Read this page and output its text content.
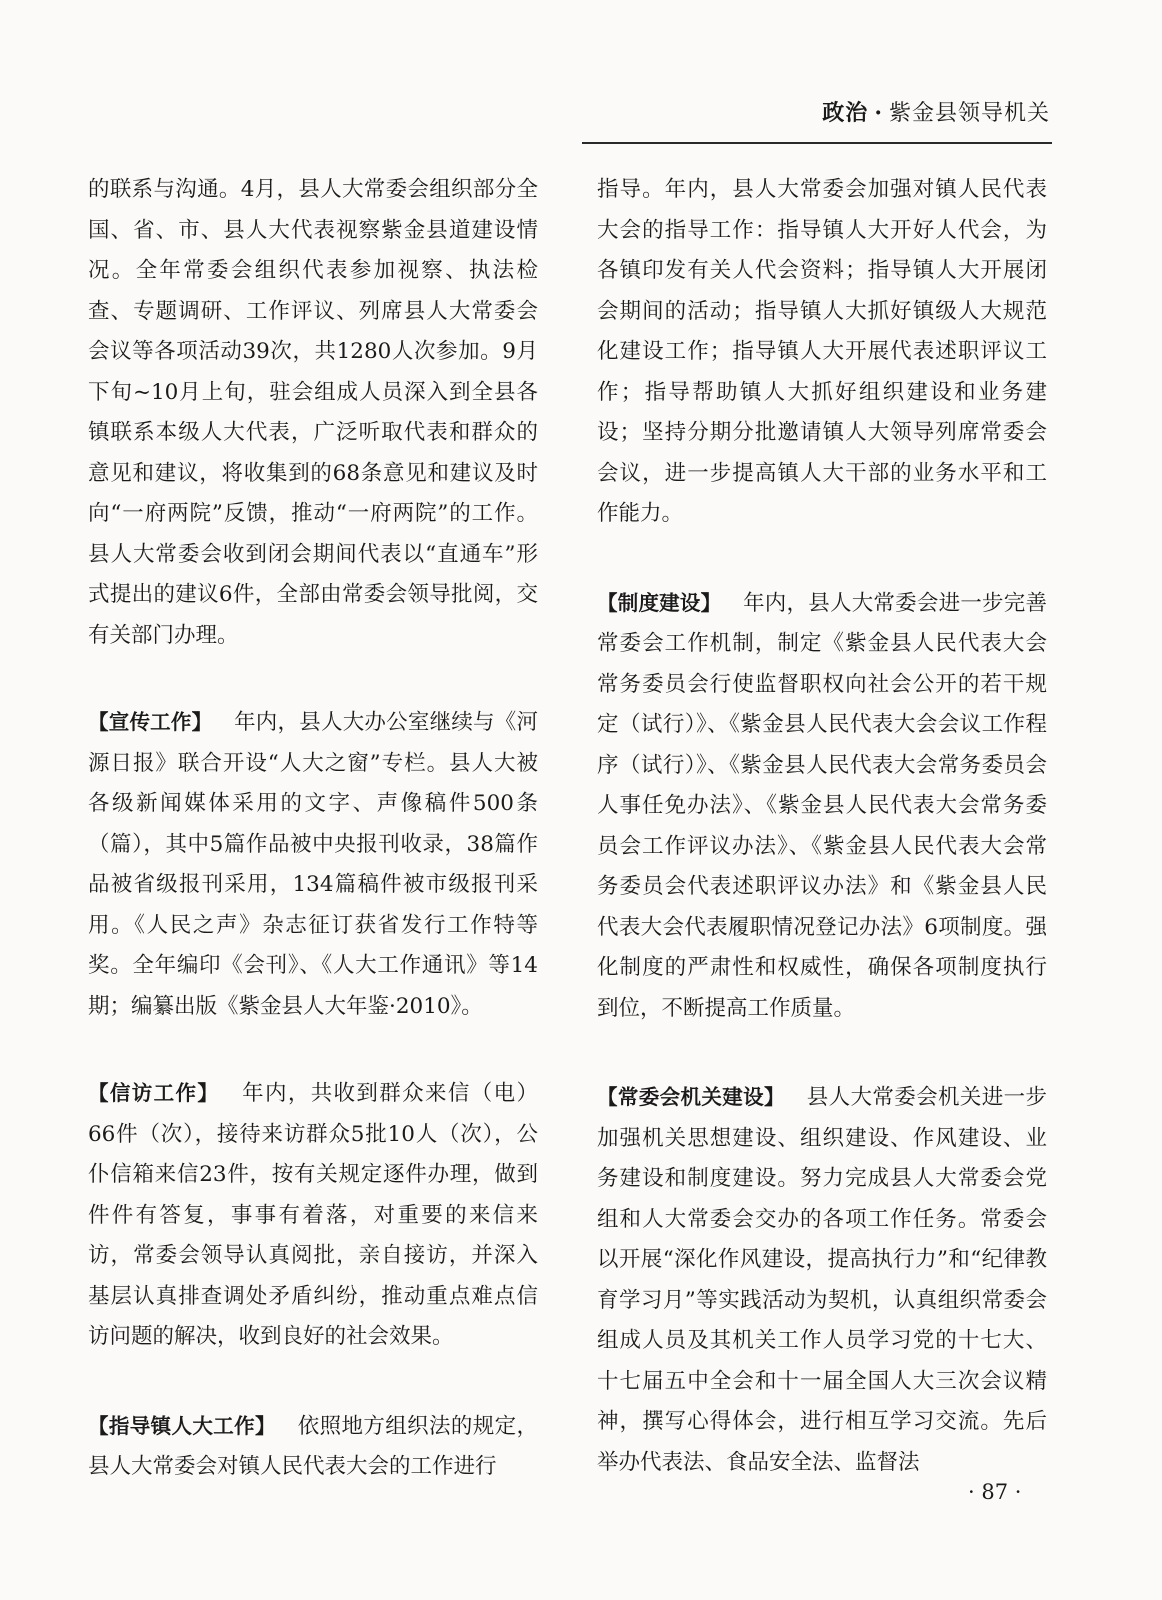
政治 · 紫金县领导机关

的联系与沟通。4月，县人大常委会组织部分全国、省、市、县人大代表视察紫金县道建设情况。全年常委会组织代表参加视察、执法检查、专题调研、工作评议、列席县人大常委会会议等各项活动39次，共1280人次参加。9月下旬~10月上旬，驻会组成人员深入到全县各镇联系本级人大代表，广泛听取代表和群众的意见和建议，将收集到的68条意见和建议及时向“一府两院”反馈，推动“一府两院”的工作。县人大常委会收到闭会期间代表以“直通车”形式提出的建议6件，全部由常委会领导批阅，交有关部门办理。

【宣传工作】  年内，县人大办公室继续与《河源日报》联合开设“人大之窗”专栏。县人大被各级新闻媒体采用的文字、声像稿件500条（篇），其中5篇作品被中央报刊收录，38篇作品被省级报刊采用，134篇稿件被市级报刊采用。《人民之声》杂志征订获省发行工作特等奖。全年编印《会刊》、《人大工作通讯》等14期；编纂出版《紫金县人大年鉴·2010》。

【信访工作】  年内，共收到群众来信（电）66件（次），接待来访群众5批10人（次），公仆信箱来信23件，按有关规定逐件办理，做到件件有答复，事事有着落，对重要的来信来访，常委会领导认真阅批，亲自接访，并深入基层认真排查调处矛盾纠纷，推动重点难点信访问题的解决，收到良好的社会效果。

【指导镇人大工作】  依照地方组织法的规定，县人大常委会对镇人民代表大会的工作进行

指导。年内，县人大常委会加强对镇人民代表大会的指导工作：指导镇人大开好人代会，为各镇印发有关人代会资料；指导镇人大开展闭会期间的活动；指导镇人大抓好镇级人大规范化建设工作；指导镇人大开展代表述职评议工作；指导帮助镇人大抓好组织建设和业务建设；坚持分期分批邀请镇人大领导列席常委会会议，进一步提高镇人大干部的业务水平和工作能力。

【制度建设】  年内，县人大常委会进一步完善常委会工作机制，制定《紫金县人民代表大会常务委员会行使监督职权向社会公开的若干规定（试行）》、《紫金县人民代表大会会议工作程序（试行）》、《紫金县人民代表大会常务委员会人事任免办法》、《紫金县人民代表大会常务委员会工作评议办法》、《紫金县人民代表大会常务委员会代表述职评议办法》和《紫金县人民代表大会代表履职情况登记办法》6项制度。强化制度的严肃性和权威性，确保各项制度执行到位，不断提高工作质量。

【常委会机关建设】  县人大常委会机关进一步加强机关思想建设、组织建设、作风建设、业务建设和制度建设。努力完成县人大常委会党组和人大常委会交办的各项工作任务。常委会以开展“深化作风建设，提高执行力”和“纪律教育学习月”等实践活动为契机，认真组织常委会组成人员及其机关工作人员学习党的十七大、十七届五中全会和十一届全国人大三次会议精神，撰写心得体会，进行相互学习交流。先后举办代表法、食品安全法、监督法

· 87 ·
